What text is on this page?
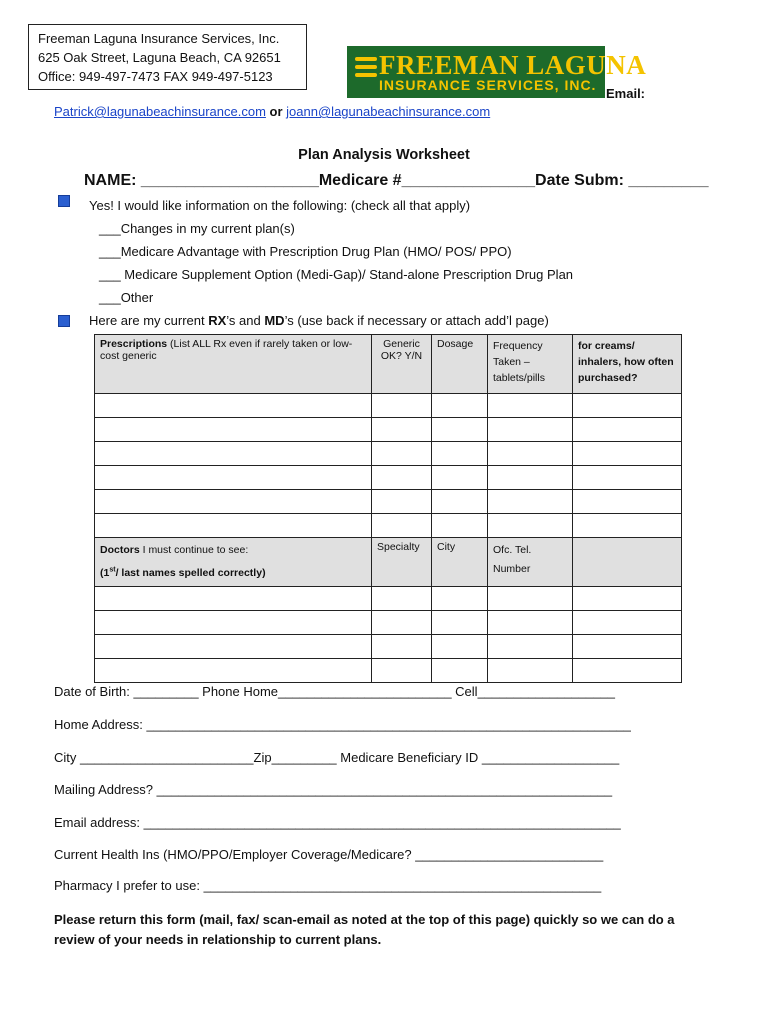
Freeman Laguna Insurance Services, Inc.
625 Oak Street, Laguna Beach, CA 92651
Office: 949-497-7473 FAX 949-497-5123	FREEMAN LAGUNA
INSURANCE SERVICES, INC.
Email:
Patrick@lagunabeachinsurance.com or joann@lagunabeachinsurance.com
Plan Analysis Worksheet
NAME: ____________________Medicare #_______________Date Subm: _________
Yes! I would like information on the following: (check all that apply)
___Changes in my current plan(s)
___Medicare Advantage with Prescription Drug Plan (HMO/ POS/ PPO)
___ Medicare Supplement Option (Medi-Gap)/ Stand-alone Prescription Drug Plan
___Other
Here are my current RX’s and MD’s (use back if necessary or attach add’l page)
Prescriptions (List ALL Rx even if rarely taken or low-cost generic	Generic OK? Y/N	Dosage	Frequency Taken – tablets/pills	for creams/ inhalers, how often purchased?

Doctors I must continue to see:
(1st/ last names spelled correctly)	Specialty	City	Ofc. Tel. Number	

Date of Birth: _________ Phone Home________________________ Cell___________________
Home Address: ___________________________________________________________________
City ________________________Zip_________ Medicare Beneficiary ID ___________________
Mailing Address? _______________________________________________________________
Email address: __________________________________________________________________
Current Health Ins (HMO/PPO/Employer Coverage/Medicare? __________________________
Pharmacy I prefer to use: _______________________________________________________
Please return this form (mail, fax/ scan-email as noted at the top of this page) quickly so we can do a review of your needs in relationship to current plans.
